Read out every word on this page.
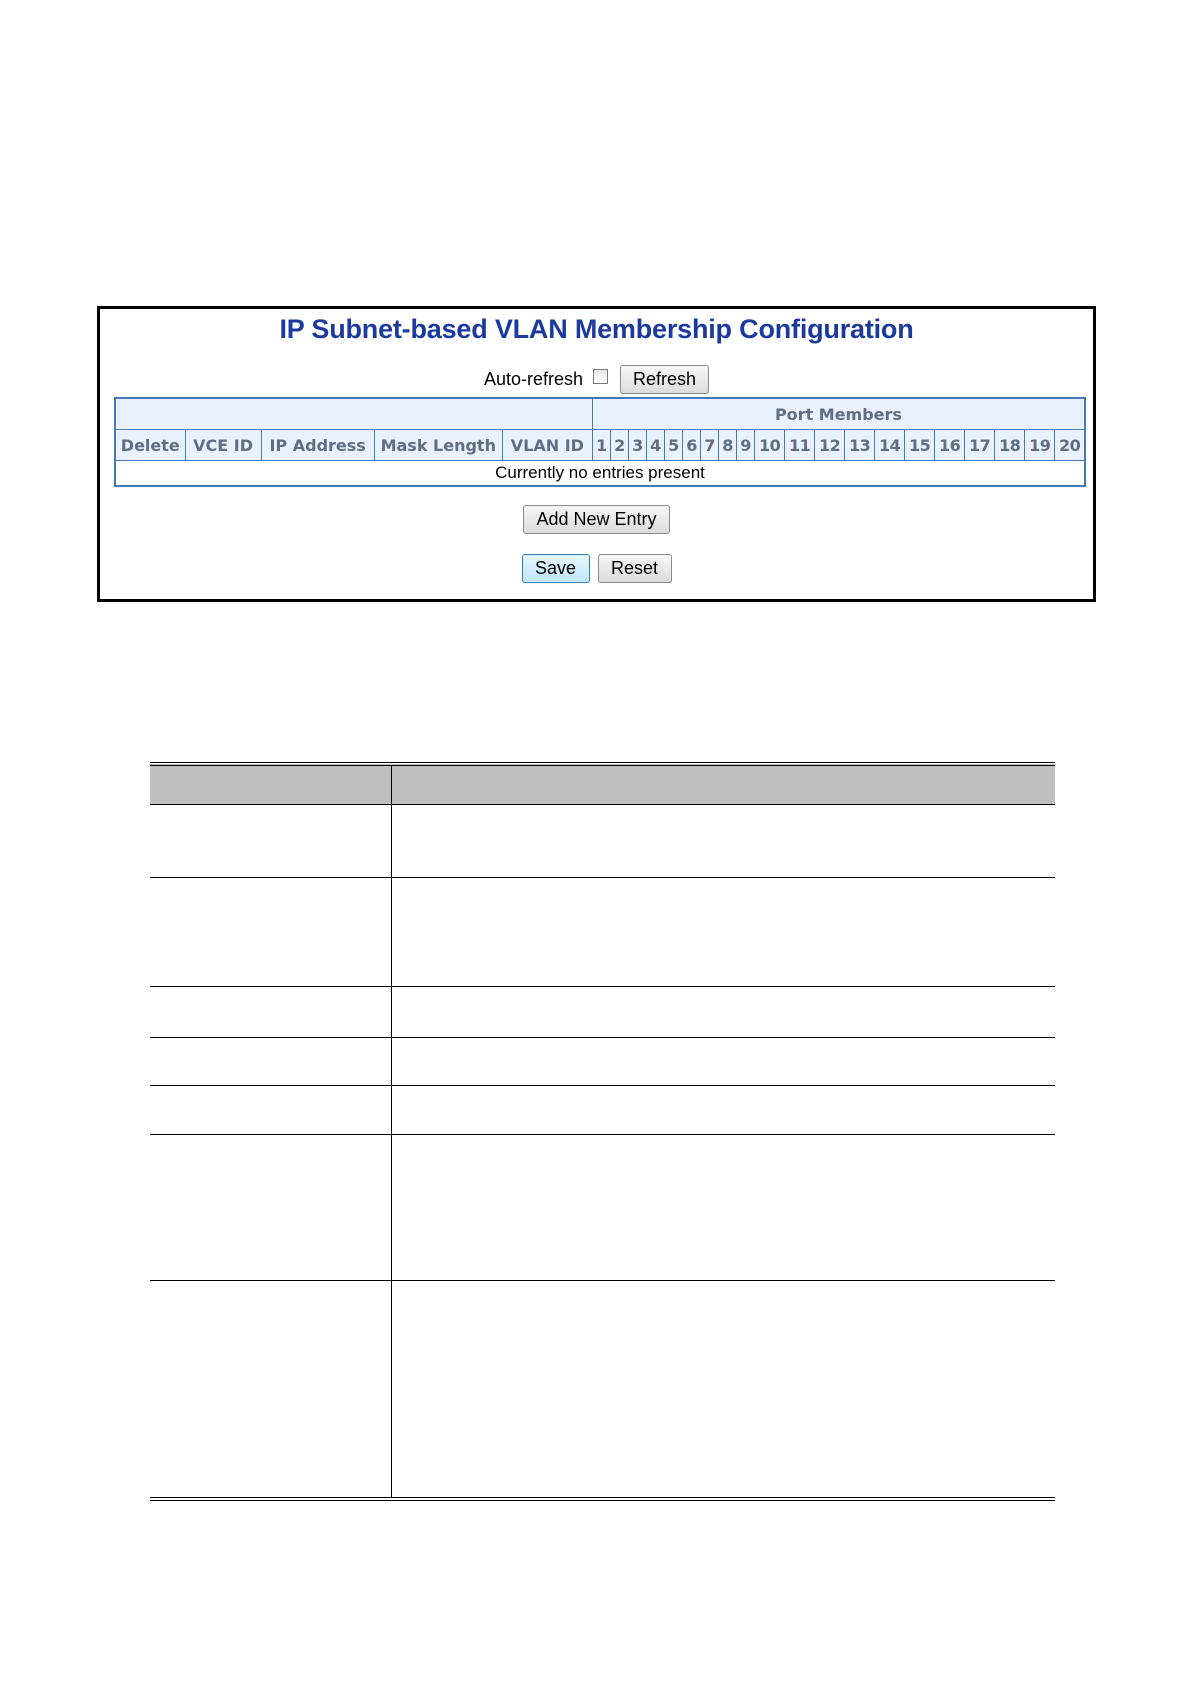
IP Subnet-based VLAN Membership Configuration
Auto-refresh	Refresh
					Port Members																			
Delete	VCE ID	IP Address	Mask Length	VLAN ID	1	2	3	4	5	6	7	8	9	10	11	12	13	14	15	16	17	18	19	20
Currently no entries present																								
Add New Entry
Save	Reset
